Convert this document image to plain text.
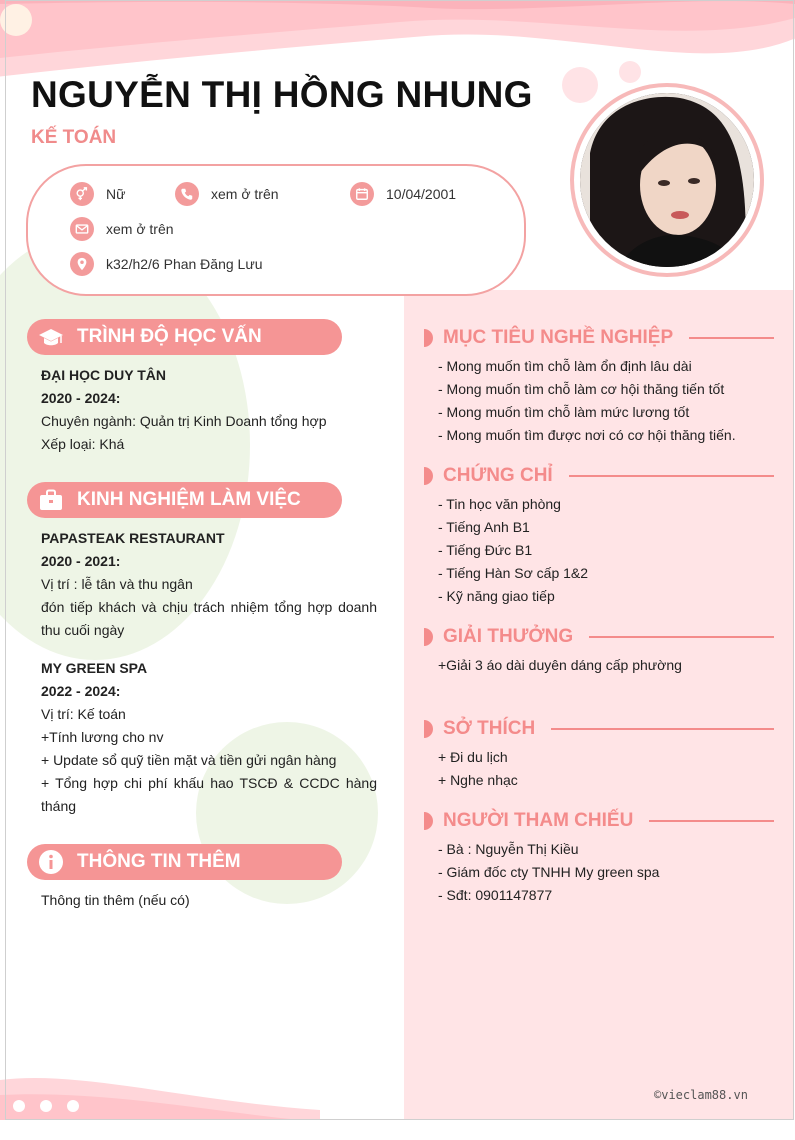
NGUYỄN THỊ HỒNG NHUNG
KẾ TOÁN
Nữ	xem ở trên	10/04/2001
xem ở trên
k32/h2/6 Phan Đăng Lưu
TRÌNH ĐỘ HỌC VẤN
ĐẠI HỌC DUY TÂN
2020 - 2024:
Chuyên ngành: Quản trị Kinh Doanh tổng hợp
Xếp loại: Khá
KINH NGHIỆM LÀM VIỆC
PAPASTEAK RESTAURANT
2020 - 2021:
Vị trí : lễ tân và thu ngân
đón tiếp khách và chịu trách nhiệm tổng hợp doanh thu cuối ngày
MY GREEN SPA
2022 - 2024:
Vị trí: Kế toán
+Tính lương cho nv
+ Update sổ quỹ tiền mặt và tiền gửi ngân hàng
+ Tổng hợp chi phí khấu hao TSCĐ & CCDC hàng tháng
THÔNG TIN THÊM
Thông tin thêm (nếu có)
MỤC TIÊU NGHỀ NGHIỆP
- Mong muốn tìm chỗ làm ổn định lâu dài
- Mong muốn tìm chỗ làm cơ hội thăng tiến tốt
- Mong muốn tìm chỗ làm mức lương tốt
- Mong muốn tìm được nơi có cơ hội thăng tiến.
CHỨNG CHỈ
- Tin học văn phòng
- Tiếng Anh B1
- Tiếng Đức B1
- Tiếng Hàn Sơ cấp 1&2
- Kỹ năng giao tiếp
GIẢI THƯỞNG
+Giải 3 áo dài duyên dáng cấp phường
SỞ THÍCH
+ Đi du lịch
+ Nghe nhạc
NGƯỜI THAM CHIẾU
- Bà : Nguyễn Thị Kiều
- Giám đốc cty TNHH My green spa
- Sđt: 0901147877
©vieclam88.vn
